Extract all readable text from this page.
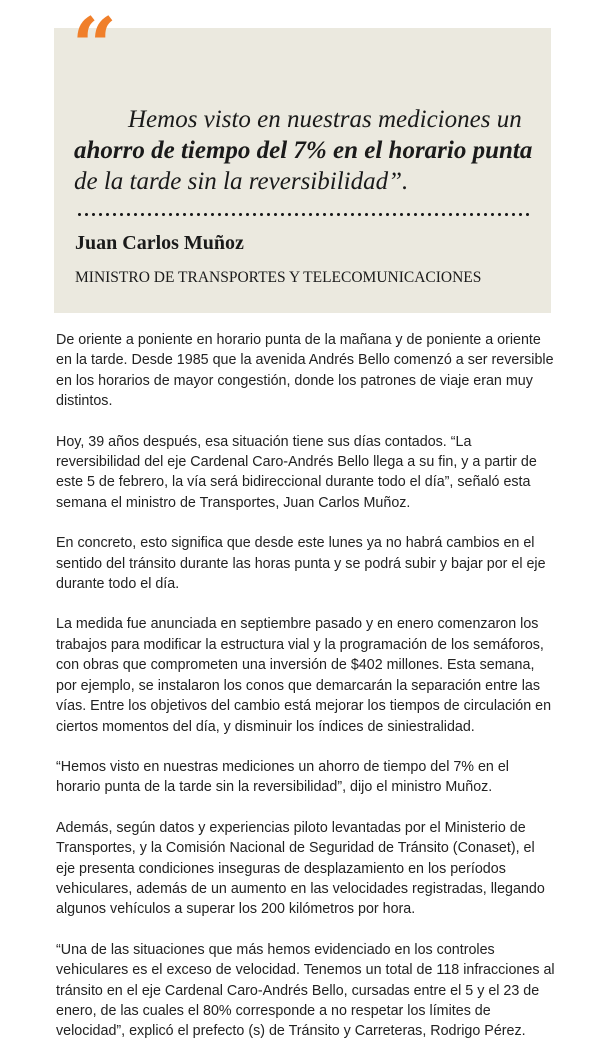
“
Hemos visto en nuestras mediciones un ahorro de tiempo del 7% en el horario punta de la tarde sin la reversibilidad”.
Juan Carlos Muñoz
MINISTRO DE TRANSPORTES Y TELECOMUNICACIONES

De oriente a poniente en horario punta de la mañana y de poniente a oriente en la tarde. Desde 1985 que la avenida Andrés Bello comenzó a ser reversible en los horarios de mayor congestión, donde los patrones de viaje eran muy distintos.

Hoy, 39 años después, esa situación tiene sus días contados. “La reversibilidad del eje Cardenal Caro-Andrés Bello llega a su fin, y a partir de este 5 de febrero, la vía será bidireccional durante todo el día”, señaló esta semana el ministro de Transportes, Juan Carlos Muñoz.

En concreto, esto significa que desde este lunes ya no habrá cambios en el sentido del tránsito durante las horas punta y se podrá subir y bajar por el eje durante todo el día.

La medida fue anunciada en septiembre pasado y en enero comenzaron los trabajos para modificar la estructura vial y la programación de los semáforos, con obras que comprometen una inversión de $402 millones. Esta semana, por ejemplo, se instalaron los conos que demarcarán la separación entre las vías. Entre los objetivos del cambio está mejorar los tiempos de circulación en ciertos momentos del día, y disminuir los índices de siniestralidad.

“Hemos visto en nuestras mediciones un ahorro de tiempo del 7% en el horario punta de la tarde sin la reversibilidad”, dijo el ministro Muñoz.

Además, según datos y experiencias piloto levantadas por el Ministerio de Transportes, y la Comisión Nacional de Seguridad de Tránsito (Conaset), el eje presenta condiciones inseguras de desplazamiento en los períodos vehiculares, además de un aumento en las velocidades registradas, llegando algunos vehículos a superar los 200 kilómetros por hora.

“Una de las situaciones que más hemos evidenciado en los controles vehiculares es el exceso de velocidad. Tenemos un total de 118 infracciones al tránsito en el eje Cardenal Caro-Andrés Bello, cursadas entre el 5 y el 23 de enero, de las cuales el 80% corresponde a no respetar los límites de velocidad”, explicó el prefecto (s) de Tránsito y Carreteras, Rodrigo Pérez.
